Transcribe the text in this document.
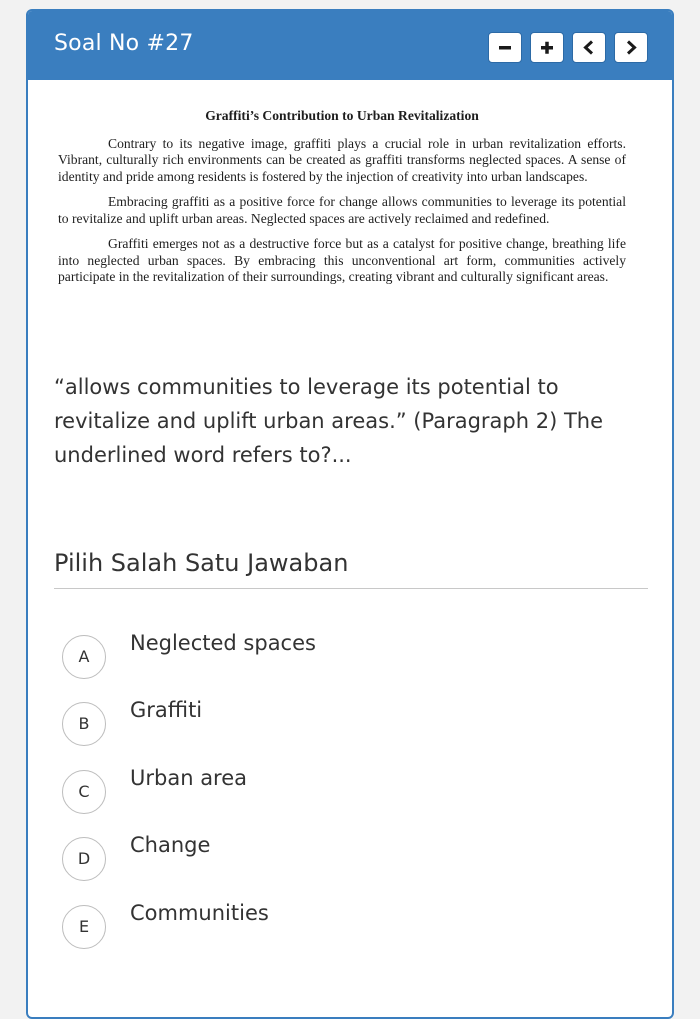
Soal No #27
Graffiti’s Contribution to Urban Revitalization

Contrary to its negative image, graffiti plays a crucial role in urban revitalization efforts. Vibrant, culturally rich environments can be created as graffiti transforms neglected spaces. A sense of identity and pride among residents is fostered by the injection of creativity into urban landscapes.

Embracing graffiti as a positive force for change allows communities to leverage its potential to revitalize and uplift urban areas. Neglected spaces are actively reclaimed and redefined.

Graffiti emerges not as a destructive force but as a catalyst for positive change, breathing life into neglected urban spaces. By embracing this unconventional art form, communities actively participate in the revitalization of their surroundings, creating vibrant and culturally significant areas.

“allows communities to leverage its potential to revitalize and uplift urban areas.” (Paragraph 2) The underlined word refers to?...

Pilih Salah Satu Jawaban
A
Neglected spaces
B
Graffiti
C
Urban area
D
Change
E
Communities
